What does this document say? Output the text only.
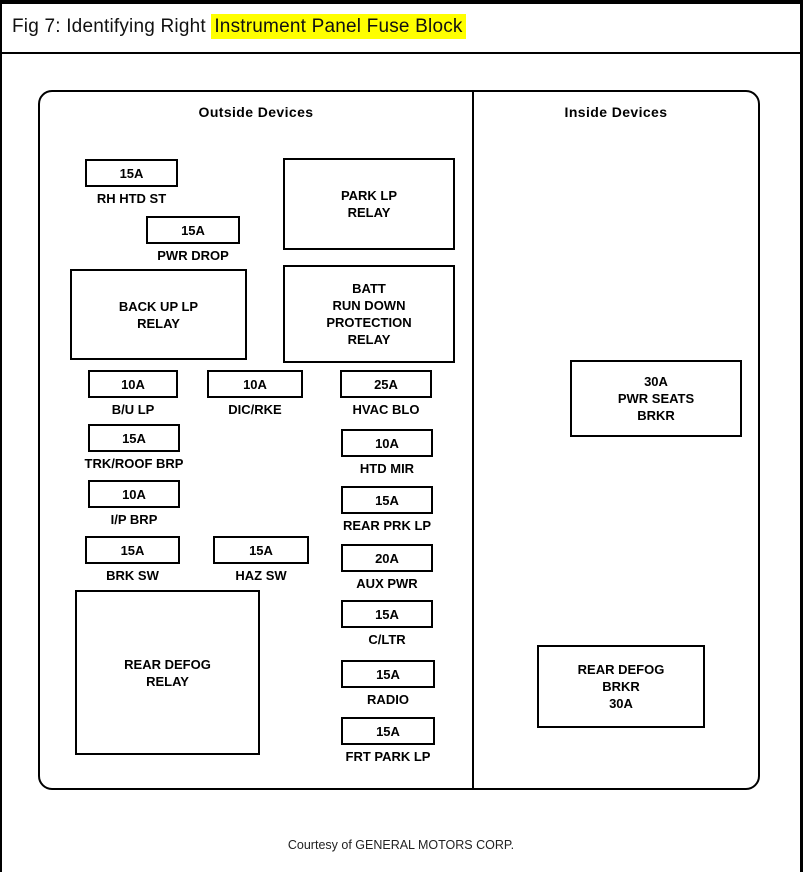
Fig 7: Identifying Right Instrument Panel Fuse Block
Outside Devices	Inside Devices
PARK LP
RELAY
BACK UP LP
RELAY
BATT
RUN DOWN
PROTECTION
RELAY
REAR DEFOG
RELAY
30A
PWR SEATS
BRKR
REAR DEFOG
BRKR
30A
15A
RH HTD ST
15A
PWR DROP
10A
B/U LP
10A
DIC/RKE
25A
HVAC BLO
15A
TRK/ROOF BRP
10A
HTD MIR
10A
I/P BRP
15A
REAR PRK LP
15A
BRK SW
15A
HAZ SW
20A
AUX PWR
15A
C/LTR
15A
RADIO
15A
FRT PARK LP
Courtesy of GENERAL MOTORS CORP.
